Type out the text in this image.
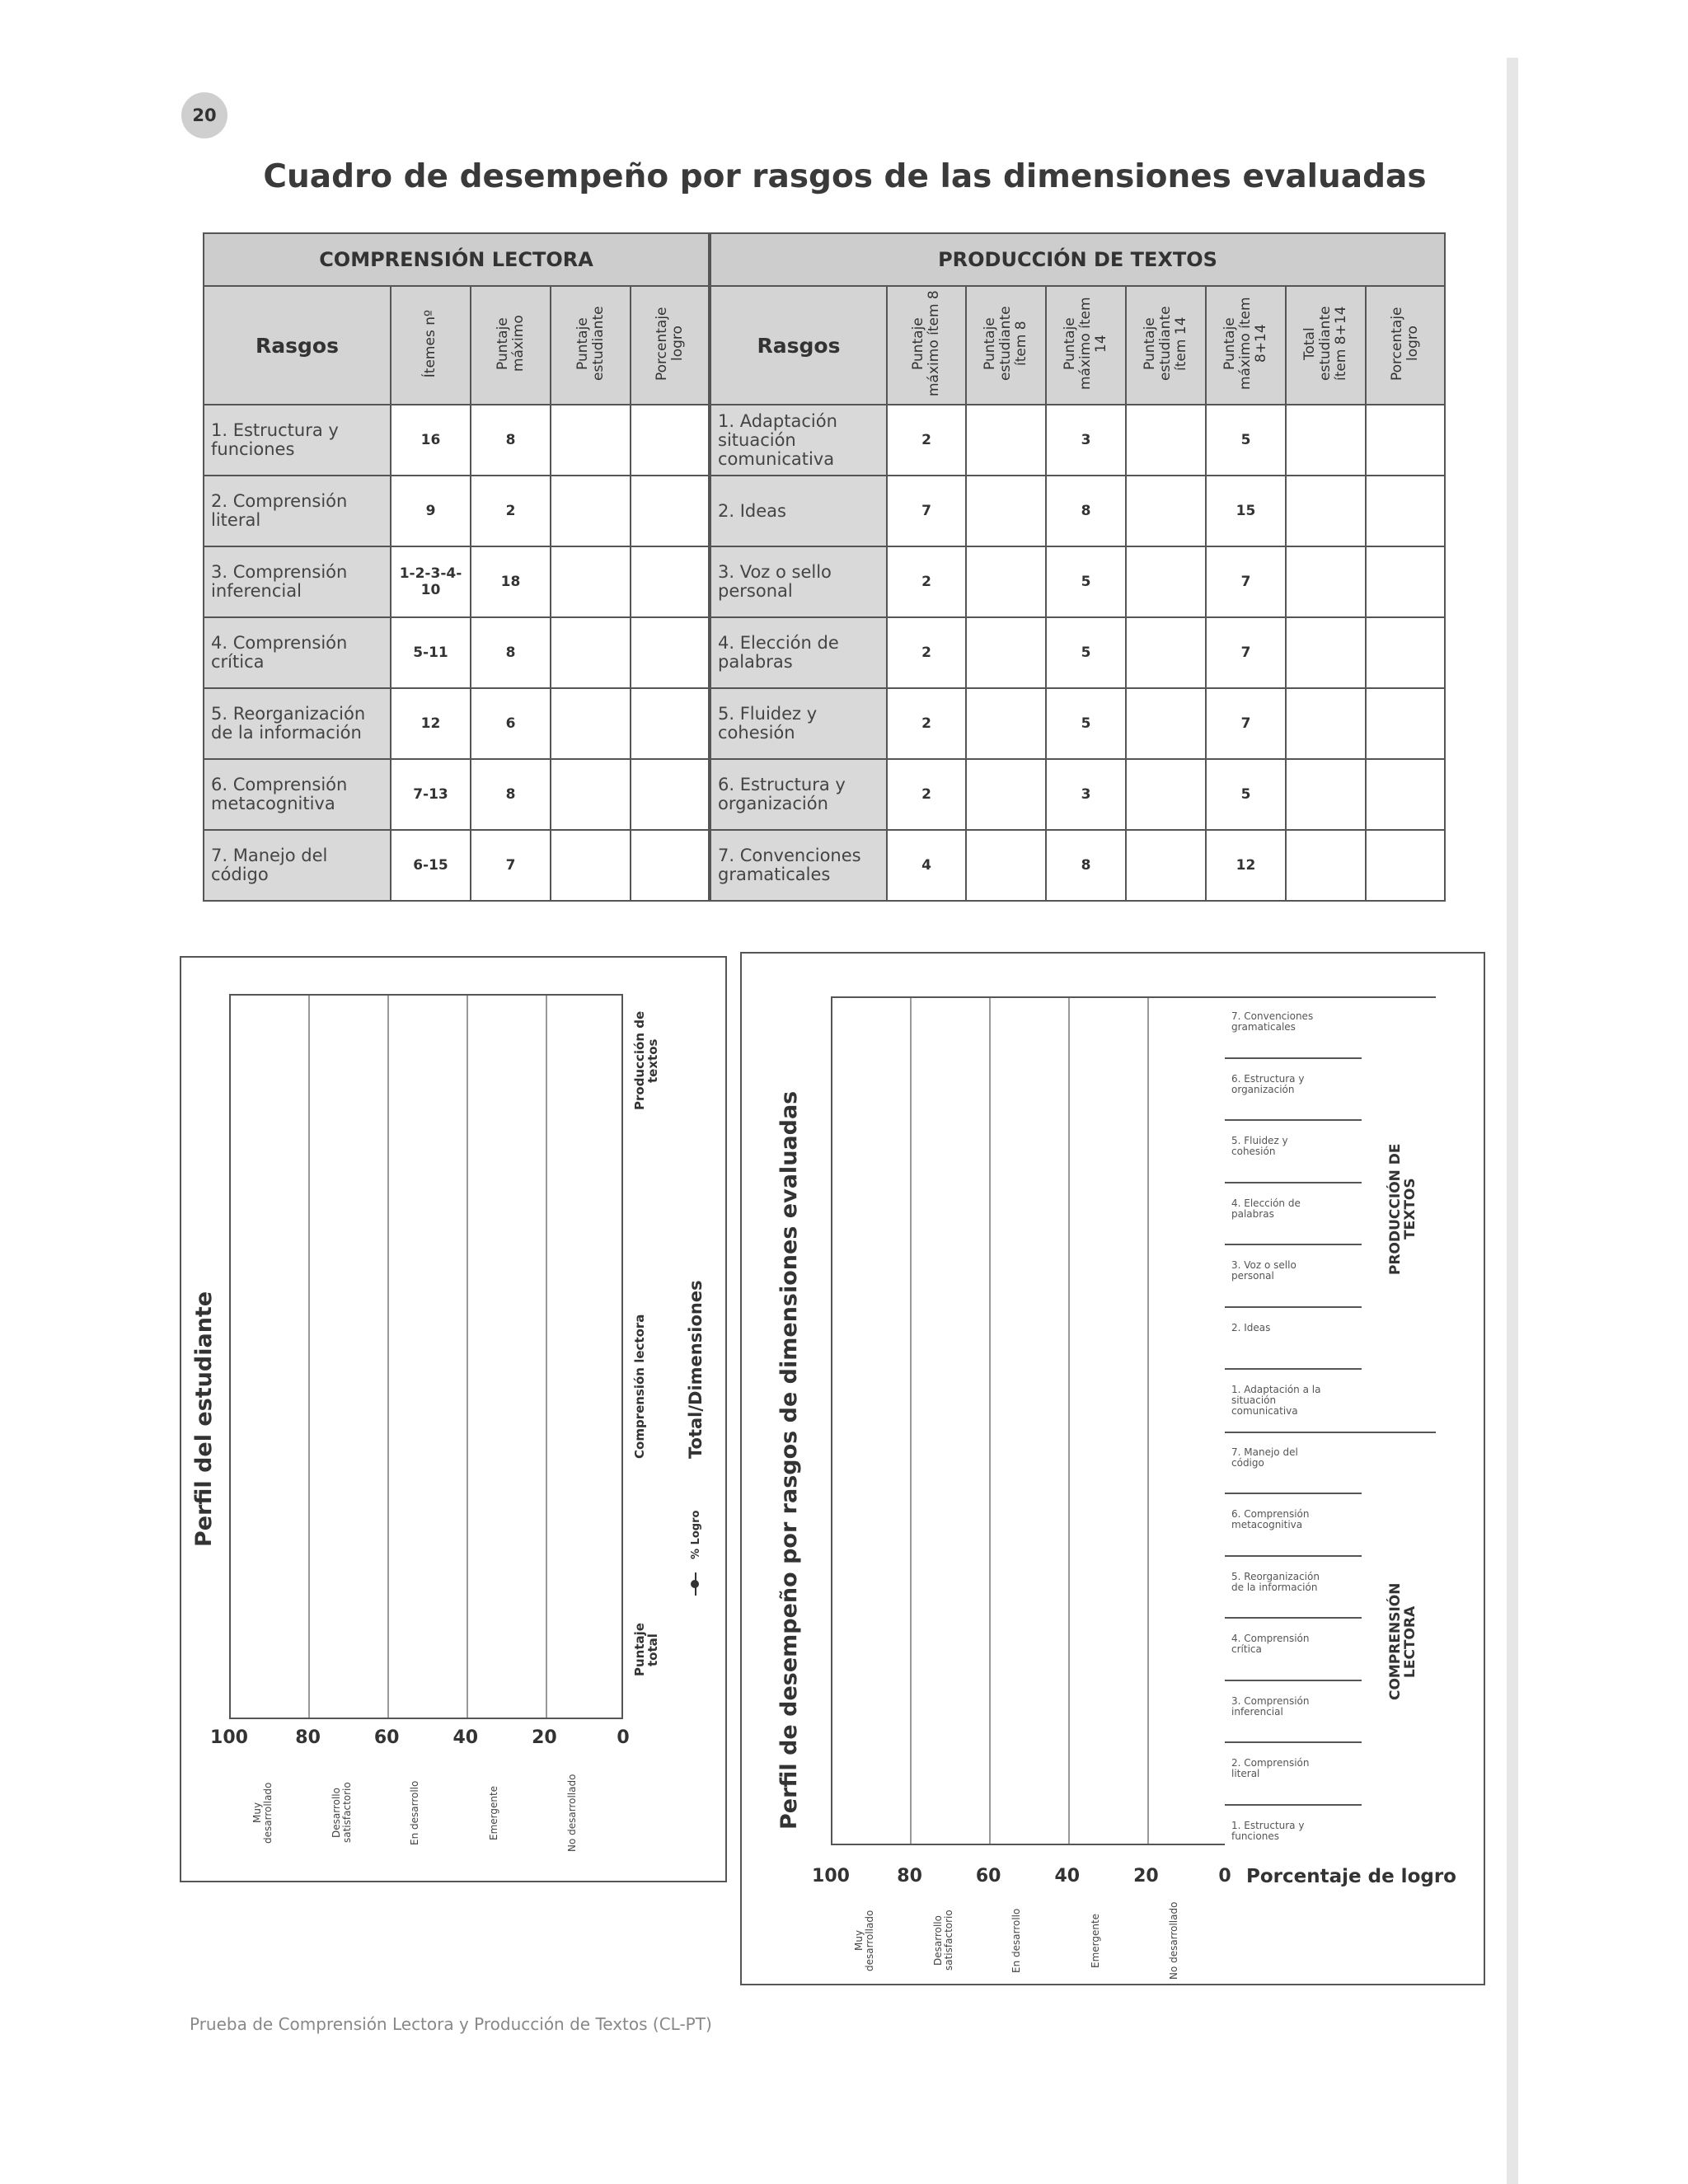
20
Cuadro de desempeño por rasgos de las dimensiones evaluadas
COMPRENSIÓN LECTORA					PRODUCCIÓN DE TEXTOS							
Rasgos	Ítemes nº	Puntaje máximo	Puntaje estudiante	Porcentaje logro	Rasgos	Puntaje máximo ítem 8	Puntaje estudiante ítem 8	Puntaje máximo ítem 14	Puntaje estudiante ítem 14	Puntaje máximo ítem 8+14	Total estudiante ítem 8+14	Porcentaje logro
1. Estructura y funciones	16	8			1. Adaptación situación comunicativa	2		3		5		
2. Comprensión literal	9	2			2. Ideas	7		8		15		
3. Comprensión inferencial	1-2-3-4-10	18			3. Voz o sello personal	2		5		7		
4. Comprensión crítica	5-11	8			4. Elección de palabras	2		5		7		
5. Reorganización de la información	12	6			5. Fluidez y cohesión	2		5		7		
6. Comprensión metacognitiva	7-13	8			6. Estructura y organización	2		3		5		
7. Manejo del código	6-15	7			7. Convenciones gramaticales	4		8		12		
Perfil del estudiante
Producción de textos
Comprensión lectora
Puntaje total
Total/Dimensiones
% Logro
100	80	60	40	20	0
Muy desarrollado	Desarrollo satisfactorio	En desarrollo	Emergente	No desarrollado	Perfil de desempeño por rasgos de dimensiones evaluadas
7. Convenciones gramaticales
6. Estructura y organización
5. Fluidez y cohesión
4. Elección de palabras
3. Voz o sello personal
2. Ideas
1. Adaptación a la situación comunicativa
7. Manejo del código
6. Comprensión metacognitiva
5. Reorganización de la información
4. Comprensión crítica
3. Comprensión inferencial
2. Comprensión literal
1. Estructura y funciones
PRODUCCIÓN DE TEXTOS
COMPRENSIÓN LECTORA
100	80	60	40	20	0 Porcentaje de logro
Muy desarrollado	Desarrollo satisfactorio	En desarrollo	Emergente	No desarrollado
Prueba de Comprensión Lectora y Producción de Textos (CL-PT)
